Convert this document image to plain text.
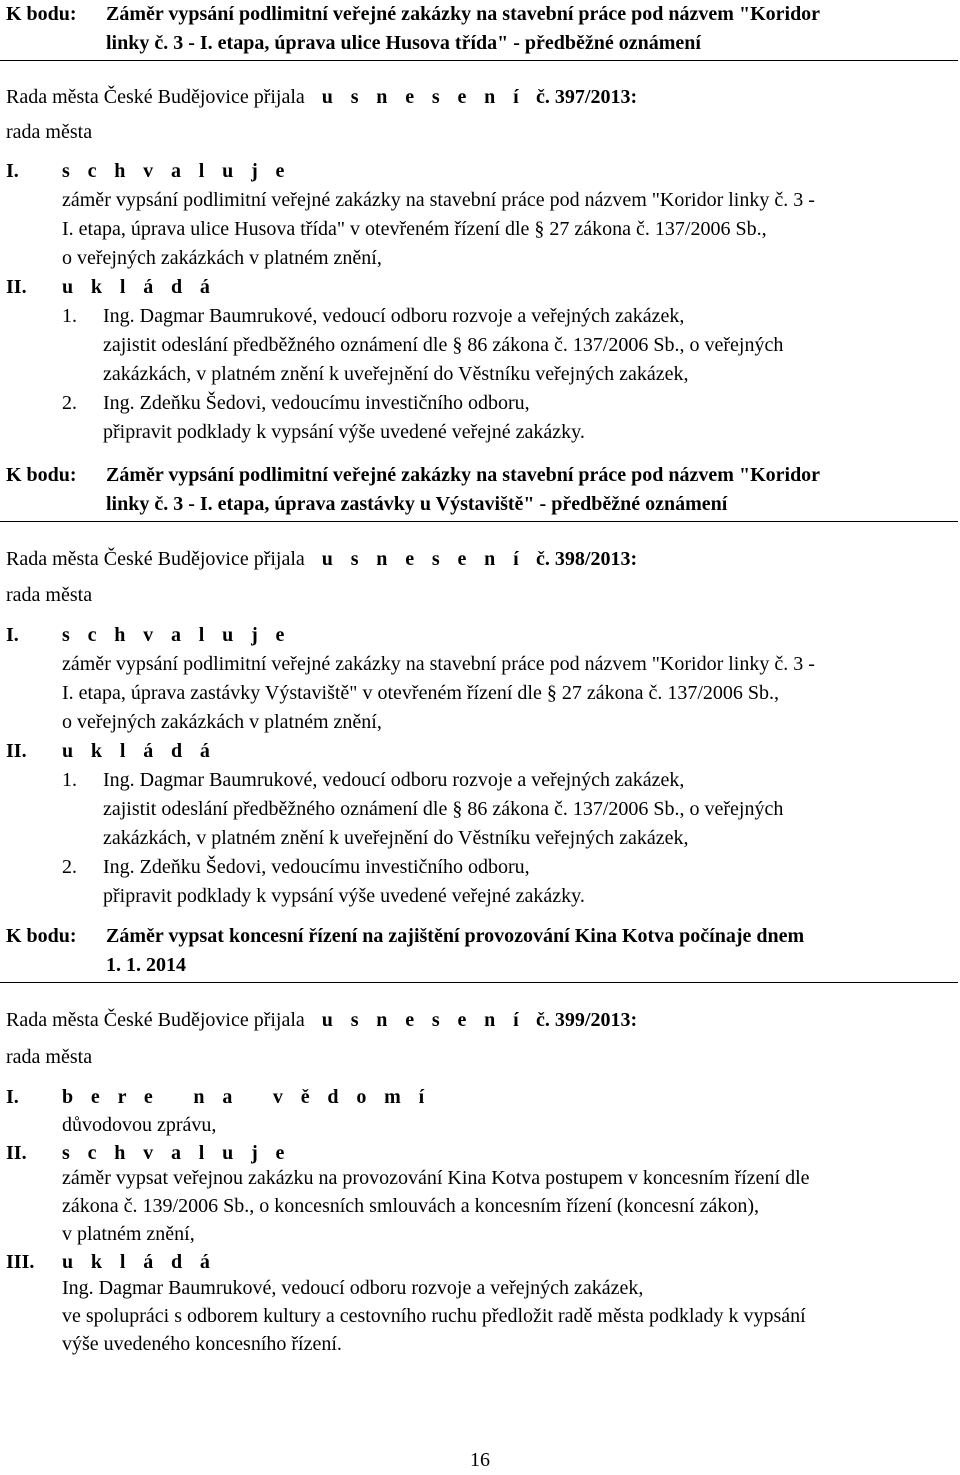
K bodu: Záměr vypsání podlimitní veřejné zakázky na stavební práce pod názvem "Koridor
linky č. 3 - I. etapa, úprava ulice Husova třída" - předběžné oznámení
Rada města České Budějovice přijala u s n e s e n í č. 397/2013:
rada města
I. s c h v a l u j e
záměr vypsání podlimitní veřejné zakázky na stavební práce pod názvem "Koridor linky č. 3 -
I. etapa, úprava ulice Husova třída" v otevřeném řízení dle § 27 zákona č. 137/2006 Sb.,
o veřejných zakázkách v platném znění,
II. u k l á d á
1. Ing. Dagmar Baumrukové, vedoucí odboru rozvoje a veřejných zakázek,
zajistit odeslání předběžného oznámení dle § 86 zákona č. 137/2006 Sb., o veřejných
zakázkách, v platném znění k uveřejnění do Věstníku veřejných zakázek,
2. Ing. Zdeňku Šedovi, vedoucímu investičního odboru,
připravit podklady k vypsání výše uvedené veřejné zakázky.
K bodu: Záměr vypsání podlimitní veřejné zakázky na stavební práce pod názvem "Koridor
linky č. 3 - I. etapa, úprava zastávky u Výstaviště" - předběžné oznámení
Rada města České Budějovice přijala u s n e s e n í č. 398/2013:
rada města
I. s c h v a l u j e
záměr vypsání podlimitní veřejné zakázky na stavební práce pod názvem "Koridor linky č. 3 -
I. etapa, úprava zastávky Výstaviště" v otevřeném řízení dle § 27 zákona č. 137/2006 Sb.,
o veřejných zakázkách v platném znění,
II. u k l á d á
1. Ing. Dagmar Baumrukové, vedoucí odboru rozvoje a veřejných zakázek,
zajistit odeslání předběžného oznámení dle § 86 zákona č. 137/2006 Sb., o veřejných
zakázkách, v platném znění k uveřejnění do Věstníku veřejných zakázek,
2. Ing. Zdeňku Šedovi, vedoucímu investičního odboru,
připravit podklady k vypsání výše uvedené veřejné zakázky.
K bodu: Záměr vypsat koncesní řízení na zajištění provozování Kina Kotva počínaje dnem
1. 1. 2014
Rada města České Budějovice přijala u s n e s e n í č. 399/2013:
rada města
I. b e r e   n a   v ě d o m í
důvodovou zprávu,
II. s c h v a l u j e
záměr vypsat veřejnou zakázku na provozování Kina Kotva postupem v koncesním řízení dle
zákona č. 139/2006 Sb., o koncesních smlouvách a koncesním řízení (koncesní zákon),
v platném znění,
III. u k l á d á
Ing. Dagmar Baumrukové, vedoucí odboru rozvoje a veřejných zakázek,
ve spolupráci s odborem kultury a cestovního ruchu předložit radě města podklady k vypsání
výše uvedeného koncesního řízení.
16
